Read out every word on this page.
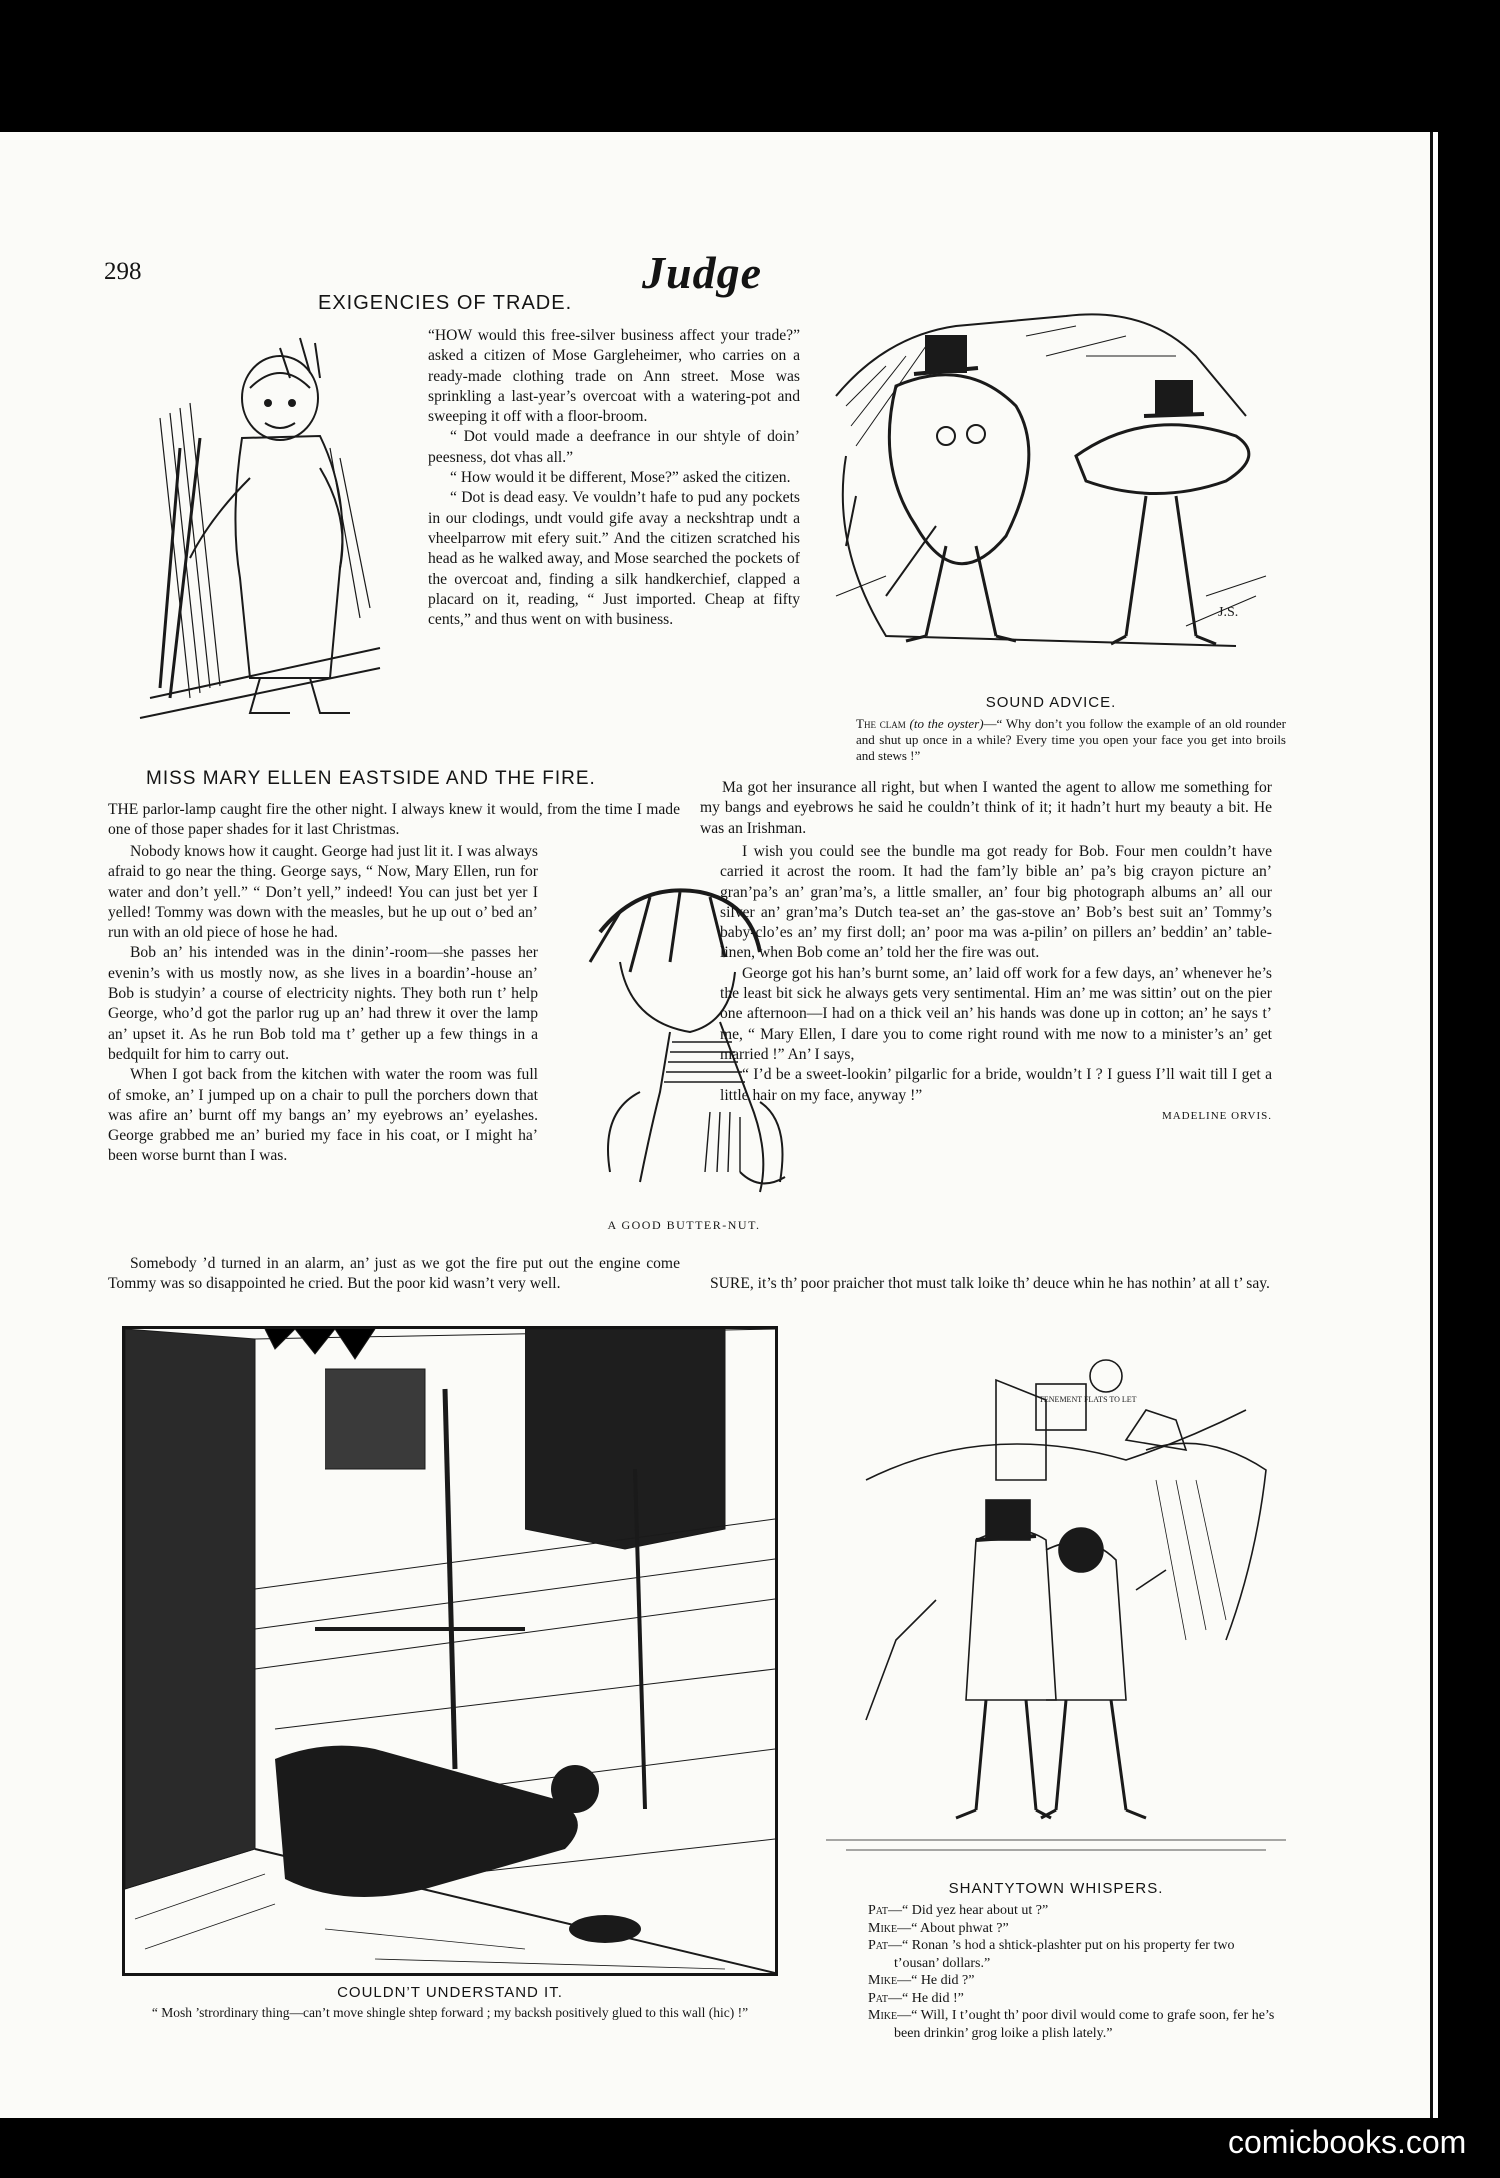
298	Judge
EXIGENCIES OF TRADE.

“HOW would this free-silver business affect your trade?” asked a citizen of Mose Gargleheimer, who carries on a ready-made clothing trade on Ann street. Mose was sprinkling a last-year’s overcoat with a watering-pot and sweeping it off with a floor-broom.

“ Dot vould made a deefrance in our shtyle of doin’ peesness, dot vhas all.”

“ How would it be different, Mose?” asked the citizen.

“ Dot is dead easy. Ve vouldn’t hafe to pud any pockets in our clodings, undt vould gife avay a neckshtrap undt a vheelparrow mit efery suit.” And the citizen scratched his head as he walked away, and Mose searched the pockets of the overcoat and, finding a silk handkerchief, clapped a placard on it, reading, “ Just imported. Cheap at fifty cents,” and thus went on with business.	J.S.
SOUND ADVICE.
The clam (to the oyster)—“ Why don’t you follow the example of an old rounder and shut up once in a while? Every time you open your face you get into broils and stews !”
MISS MARY ELLEN EASTSIDE AND THE FIRE.

THE parlor-lamp caught fire the other night. I always knew it would, from the time I made one of those paper shades for it last Christmas.

Nobody knows how it caught. George had just lit it. I was always afraid to go near the thing. George says, “ Now, Mary Ellen, run for water and don’t yell.” “ Don’t yell,” indeed! You can just bet yer I yelled! Tommy was down with the measles, but he up out o’ bed an’ run with an old piece of hose he had.

Bob an’ his intended was in the dinin’-room—she passes her evenin’s with us mostly now, as she lives in a boardin’-house an’ Bob is studyin’ a course of electricity nights. They both run t’ help George, who’d got the parlor rug up an’ had threw it over the lamp an’ upset it. As he run Bob told ma t’ gether up a few things in a bedquilt for him to carry out.

When I got back from the kitchen with water the room was full of smoke, an’ I jumped up on a chair to pull the porchers down that was afire an’ burnt off my bangs an’ my eyebrows an’ eyelashes. George grabbed me an’ buried my face in his coat, or I might ha’ been worse burnt than I was.

Somebody ’d turned in an alarm, an’ just as we got the fire put out the engine come Tommy was so disappointed he cried. But the poor kid wasn’t very well.

A GOOD BUTTER-NUT.

Ma got her insurance all right, but when I wanted the agent to allow me something for my bangs and eyebrows he said he couldn’t think of it; it hadn’t hurt my beauty a bit. He was an Irishman.

I wish you could see the bundle ma got ready for Bob. Four men couldn’t have carried it acrost the room. It had the fam’ly bible an’ pa’s big crayon picture an’ gran’pa’s an’ gran’ma’s, a little smaller, an’ four big photograph albums an’ all our silver an’ gran’ma’s Dutch tea-set an’ the gas-stove an’ Bob’s best suit an’ Tommy’s baby-clo’es an’ my first doll; an’ poor ma was a-pilin’ on pillers an’ beddin’ an’ table-linen, when Bob come an’ told her the fire was out.

George got his han’s burnt some, an’ laid off work for a few days, an’ whenever he’s the least bit sick he always gets very sentimental. Him an’ me was sittin’ out on the pier one afternoon—I had on a thick veil an’ his hands was done up in cotton; an’ he says t’ me, “ Mary Ellen, I dare you to come right round with me now to a minister’s an’ get married !” An’ I says,

“ I’d be a sweet-lookin’ pilgarlic for a bride, wouldn’t I ? I guess I’ll wait till I get a little hair on my face, anyway !”

MADELINE ORVIS.

SURE, it’s th’ poor praicher thot must talk loike th’ deuce whin he has nothin’ at all t’ say.

COULDN’T UNDERSTAND IT.
“ Mosh ’strordinary thing—can’t move shingle shtep forward ; my backsh positively glued to this wall (hic) !”
TENEMENT FLATS TO LET
SHANTYTOWN WHISPERS.
Pat—“ Did yez hear about ut ?”
Mike—“ About phwat ?”
Pat—“ Ronan ’s hod a shtick-plashter put on his property fer two t’ousan’ dollars.”
Mike—“ He did ?”
Pat—“ He did !”
Mike—“ Will, I t’ought th’ poor divil would come to grafe soon, fer he’s been drinkin’ grog loike a plish lately.”
comicbooks.com
